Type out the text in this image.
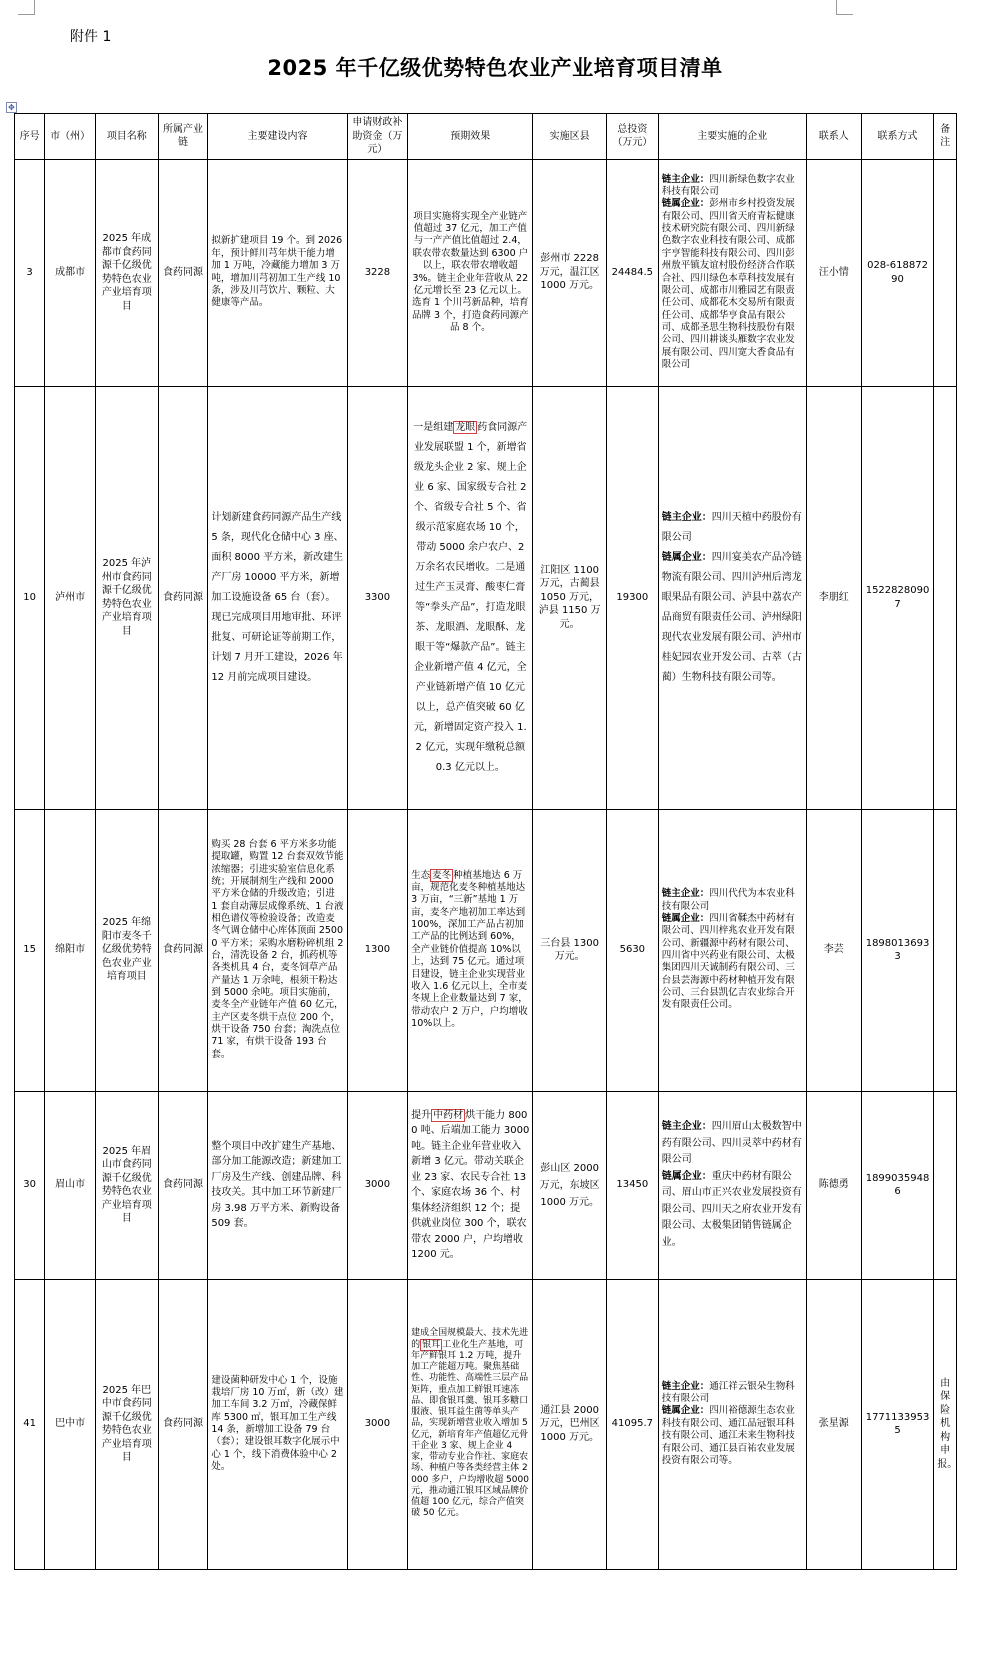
附件 1
2025 年千亿级优势特色农业产业培育项目清单
✥
序号	市（州）	项目名称	所属产业链	主要建设内容	申请财政补助资金（万元）	预期效果	实施区县	总投资（万元）	主要实施的企业	联系人	联系方式	备注
3	成都市	2025 年成都市食药同源千亿级优势特色农业产业培育项目	食药同源	拟新扩建项目 19 个。到 2026 年，预计鲜川芎年烘干能力增加 1 万吨，冷藏能力增加 3 万吨，增加川芎初加工生产线 10 条，涉及川芎饮片、颗粒、大健康等产品。	3228	项目实施将实现全产业链产值超过 37 亿元，加工产值与一产产值比值超过 2.4，联农带农数量达到 6300 户以上，联农带农增收超 3%。链主企业年营收从 22 亿元增长至 23 亿元以上。选育 1 个川芎新品种，培育品牌 3 个，打造食药同源产品 8 个。	彭州市 2228 万元，温江区 1000 万元。	24484.5	链主企业：四川新绿色数字农业科技有限公司
链属企业：彭州市乡村投资发展有限公司、四川省天府青耘健康技术研究院有限公司、四川新绿色数字农业科技有限公司、成都宇亨智能科技有限公司、四川彭州敖平镇友谊村股份经济合作联合社、四川绿色本草科技发展有限公司、成都市川雅园艺有限责任公司、成都花木交易所有限责任公司、成都华亨食品有限公司、成都圣思生物科技股份有限公司、四川耕谈头雁数字农业发展有限公司、四川宽大香食品有限公司	汪小情	028-61887290	
10	泸州市	2025 年泸州市食药同源千亿级优势特色农业产业培育项目	食药同源	计划新建食药同源产品生产线 5 条，现代化仓储中心 3 座、面积 8000 平方米，新改建生产厂房 10000 平方米，新增加工设施设备 65 台（套）。现已完成项目用地审批、环评批复、可研论证等前期工作，计划 7 月开工建设，2026 年 12 月前完成项目建设。	3300	一是组建 龙眼 药食同源产业发展联盟 1 个，新增省级龙头企业 2 家、规上企业 6 家、国家级专合社 2 个、省级专合社 5 个、省级示范家庭农场 10 个，带动 5000 余户农户、2 万余名农民增收。二是通过生产玉灵膏、酸枣仁膏等“拳头产品”，打造龙眼茶、龙眼酒、龙眼酥、龙眼干等“爆款产品”。链主企业新增产值 4 亿元，全产业链新增产值 10 亿元以上，总产值突破 60 亿元，新增固定资产投入 1.2 亿元，实现年缴税总额 0.3 亿元以上。	江阳区 1100 万元，古蔺县 1050 万元，泸县 1150 万元。	19300	链主企业：四川天植中药股份有限公司
链属企业：四川宴美农产品冷链物流有限公司、四川泸州后湾龙眼果品有限公司、泸县中荔农产品商贸有限责任公司、泸州绿阳现代农业发展有限公司、泸州市桂妃园农业开发公司、古萃（古蔺）生物科技有限公司等。	李朋红	15228280907	
15	绵阳市	2025 年绵阳市麦冬千亿级优势特色农业产业培育项目	食药同源	购买 28 台套 6 平方米多功能提取罐，购置 12 台套双效节能浓缩器；引进实验室信息化系统；开展制剂生产线和 2000 平方米仓储的升级改造；引进 1 套自动薄层成像系统、1 台液相色谱仪等检验设备；改造麦冬气调仓储中心库体顶面 25000 平方米；采购水磨粉碎机组 2 台，清洗设备 2 台，抓药机等各类机具 4 台，麦冬饲草产品产量达 1 万余吨，根须干粉达到 5000 余吨。项目实施前，麦冬全产业链年产值 60 亿元，主产区麦冬烘干点位 200 个，烘干设备 750 台套；淘洗点位 71 家，有烘干设备 193 台套。	1300	生态 麦冬 种植基地达 6 万亩，规范化麦冬种植基地达 3 万亩，“三新”基地 1 万亩，麦冬产地初加工率达到 100%，深加工产品占初加工产品的比例达到 60%，全产业链价值提高 10%以上，达到 75 亿元。通过项目建设，链主企业实现营业收入 1.6 亿元以上，全市麦冬规上企业数量达到 7 家，带动农户 2 万户，户均增收 10%以上。	三台县 1300 万元。	5630	链主企业：四川代代为本农业科技有限公司
链属企业：四川省鞣杰中药材有限公司、四川梓兆农业开发有限公司、新疆源中药材有限公司、四川省中兴药业有限公司、太极集团四川天诚制药有限公司、三台县芸海源中药材种植开发有限公司、三台县凯亿吉农业综合开发有限责任公司。	李芸	18980136933	
30	眉山市	2025 年眉山市食药同源千亿级优势特色农业产业培育项目	食药同源	整个项目中改扩建生产基地、部分加工能源改造；新建加工厂房及生产线、创建品牌、科技攻关。其中加工环节新建厂房 3.98 万平方米、新购设备 509 套。	3000	提升 中药材 烘干能力 8000 吨、后端加工能力 3000 吨。链主企业年营业收入新增 3 亿元。带动关联企业 23 家、农民专合社 13 个、家庭农场 36 个、村集体经济组织 12 个；提供就业岗位 300 个，联农带农 2000 户，户均增收 1200 元。	彭山区 2000 万元，东坡区 1000 万元。	13450	链主企业：四川眉山太极数智中药有限公司、四川灵萃中药材有限公司
链属企业：重庆中药材有限公司、眉山市正兴农业发展投资有限公司、四川天之府农业开发有限公司、太极集团销售链属企业。	陈德勇	18990359486	
41	巴中市	2025 年巴中市食药同源千亿级优势特色农业产业培育项目	食药同源	建设菌种研发中心 1 个，设施栽培厂房 10 万㎡，新（改）建加工车间 3.2 万㎡，冷藏保鲜库 5300 ㎡，银耳加工生产线 14 条，新增加工设备 79 台（套）；建设银耳数字化展示中心 1 个，线下消费体验中心 2 处。	3000	建成全国规模最大、技术先进的 银耳 工业化生产基地，可年产鲜银耳 1.2 万吨，提升加工产能超万吨。聚焦基础性、功能性、高端性三层产品矩阵，重点加工鲜银耳速冻品、即食银耳羹、银耳多糖口服液、银耳益生菌等单头产品，实现新增营业收入增加 5 亿元，新培育年产值超亿元骨干企业 3 家、规上企业 4 家，带动专业合作社、家庭农场、种植户等各类经营主体 2000 多户，户均增收超 5000 元，推动通江银耳区域品牌价值超 100 亿元，综合产值突破 50 亿元。	通江县 2000 万元，巴州区 1000 万元。	41095.7	链主企业：通江祥云银朵生物科技有限公司
链属企业：四川裕德源生态农业科技有限公司、通江品冠银耳科技有限公司、通江未来生物科技有限公司、通江县百祐农业发展投资有限公司等。	张星源	17711339535	由保险机构申报。
